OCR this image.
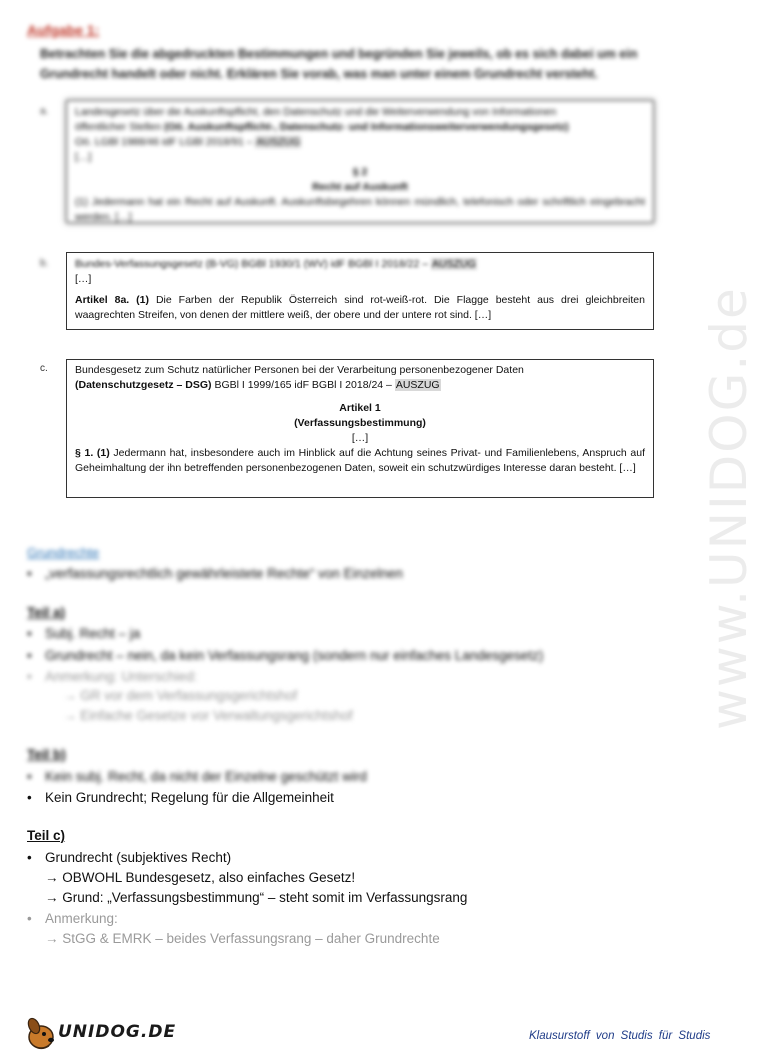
www.UNIDOG.de
Aufgabe 1:
Betrachten Sie die abgedruckten Bestimmungen und begründen Sie jeweils, ob es sich dabei um ein Grundrecht handelt oder nicht. Erklären Sie vorab, was man unter einem Grundrecht versteht.
a.	Landesgesetz über die Auskunftspflicht, den Datenschutz und die Weiterverwendung von Informationen
öffentlicher Stellen (Oö. Auskunftspflicht-, Datenschutz- und Informationsweiterverwendungsgesetz)
Oö. LGBl 1988/46 idF LGBl 2018/91 – AUSZUG
[…]
§ 2
Recht auf Auskunft
(1) Jedermann hat ein Recht auf Auskunft. Auskunftsbegehren können mündlich, telefonisch oder schriftlich eingebracht werden. […]
b.	Bundes-Verfassungsgesetz (B-VG) BGBl 1930/1 (WV) idF BGBl I 2018/22 – AUSZUG
[…]
Artikel 8a. (1) Die Farben der Republik Österreich sind rot-weiß-rot. Die Flagge besteht aus drei gleichbreiten waagrechten Streifen, von denen der mittlere weiß, der obere und der untere rot sind. […]
c.	Bundesgesetz zum Schutz natürlicher Personen bei der Verarbeitung personenbezogener Daten
(Datenschutzgesetz – DSG) BGBl I 1999/165 idF BGBl I 2018/24 – AUSZUG
Artikel 1
(Verfassungsbestimmung)
[…]
§ 1. (1) Jedermann hat, insbesondere auch im Hinblick auf die Achtung seines Privat- und Familienlebens, Anspruch auf Geheimhaltung der ihn betreffenden personenbezogenen Daten, soweit ein schutzwürdiges Interesse daran besteht. […]
Grundrechte
• „verfassungsrechtlich gewährleistete Rechte“ von Einzelnen
Teil a)
• Subj. Recht – ja
• Grundrecht – nein, da kein Verfassungsrang (sondern nur einfaches Landesgesetz)
• Anmerkung: Unterschied:
→ GR vor dem Verfassungsgerichtshof
→ Einfache Gesetze vor Verwaltungsgerichtshof
Teil b)
• Kein subj. Recht, da nicht der Einzelne geschützt wird
• Kein Grundrecht; Regelung für die Allgemeinheit
Teil c)
• Grundrecht (subjektives Recht)
→ OBWOHL Bundesgesetz, also einfaches Gesetz!
→ Grund: „Verfassungsbestimmung“ – steht somit im Verfassungsrang
• Anmerkung:
→ StGG & EMRK – beides Verfassungsrang – daher Grundrechte
UNIDOG.DE	Klausurstoff von Studis für Studis
